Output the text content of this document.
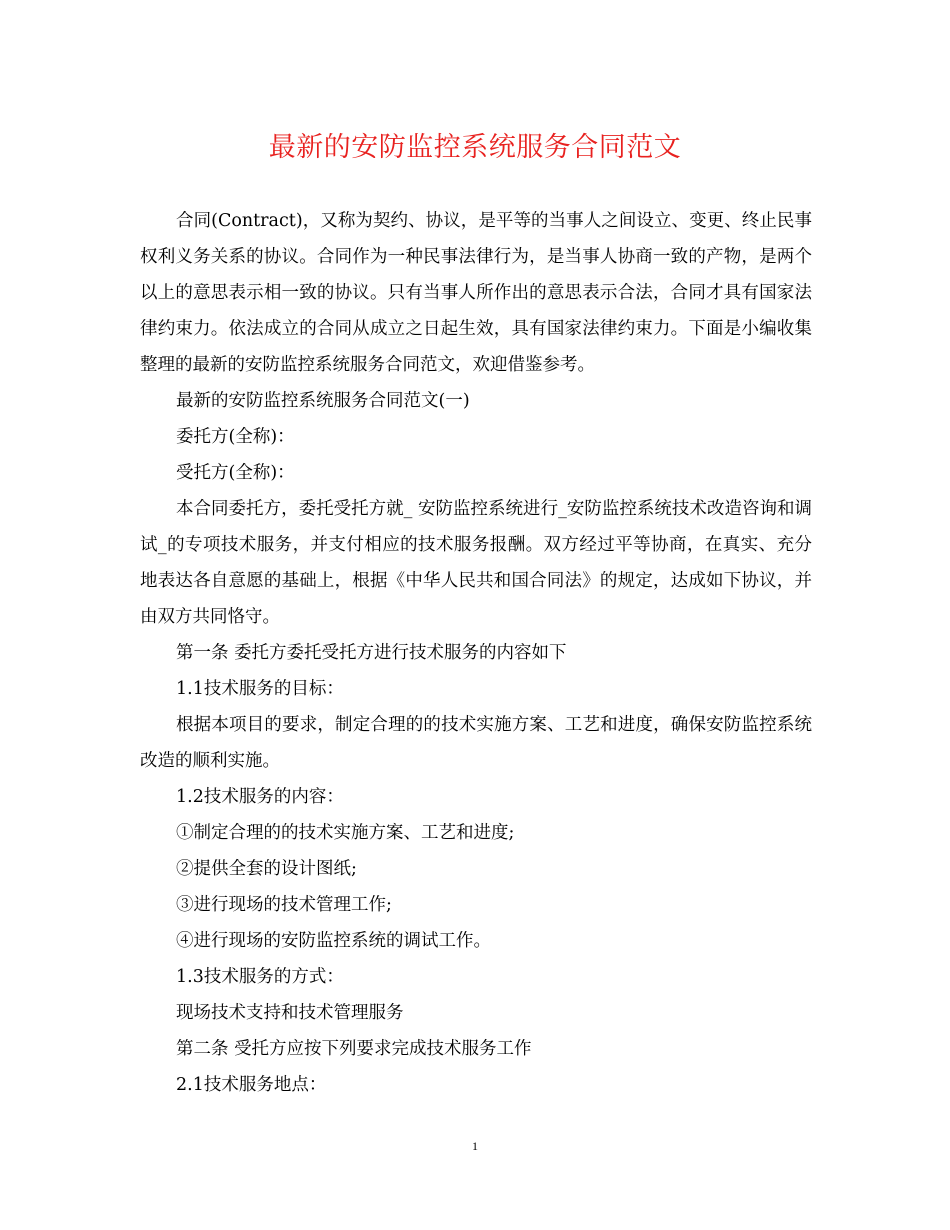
最新的安防监控系统服务合同范文

合同(Contract)，又称为契约、协议，是平等的当事人之间设立、变更、终止民事权利义务关系的协议。合同作为一种民事法律行为，是当事人协商一致的产物，是两个以上的意思表示相一致的协议。只有当事人所作出的意思表示合法，合同才具有国家法律约束力。依法成立的合同从成立之日起生效，具有国家法律约束力。下面是小编收集整理的最新的安防监控系统服务合同范文，欢迎借鉴参考。

最新的安防监控系统服务合同范文(一)

委托方(全称)：

受托方(全称)：

本合同委托方，委托受托方就_ 安防监控系统进行_安防监控系统技术改造咨询和调试_的专项技术服务，并支付相应的技术服务报酬。双方经过平等协商，在真实、充分地表达各自意愿的基础上，根据《中华人民共和国合同法》的规定，达成如下协议，并由双方共同恪守。

第一条 委托方委托受托方进行技术服务的内容如下

1.1技术服务的目标：

根据本项目的要求，制定合理的的技术实施方案、工艺和进度，确保安防监控系统改造的顺利实施。

1.2技术服务的内容：

①制定合理的的技术实施方案、工艺和进度;

②提供全套的设计图纸;

③进行现场的技术管理工作;

④进行现场的安防监控系统的调试工作。

1.3技术服务的方式：

现场技术支持和技术管理服务

第二条 受托方应按下列要求完成技术服务工作

2.1技术服务地点：

1
